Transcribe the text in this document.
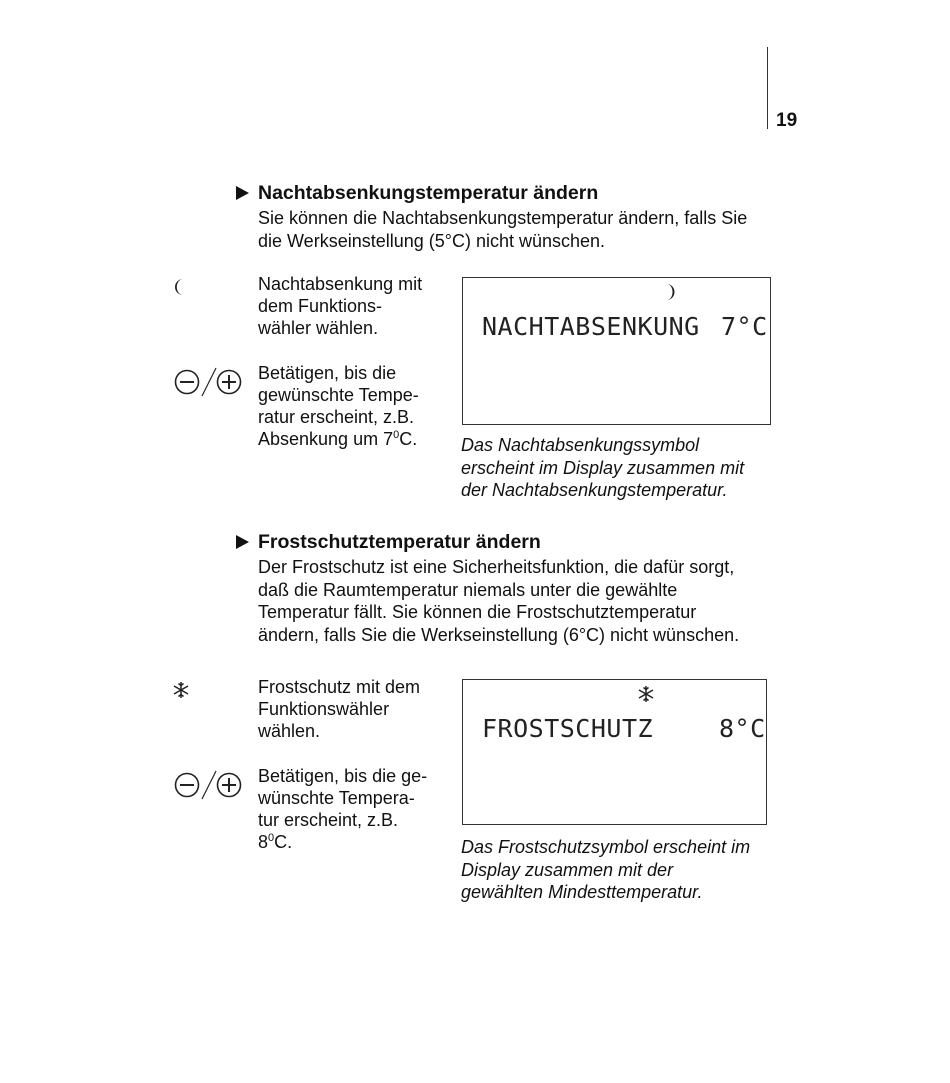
19
Nachtabsenkungstemperatur ändern
Sie können die Nachtabsenkungstemperatur ändern, falls Sie
die Werkseinstellung (5°C) nicht wünschen.
Nachtabsenkung mit
dem Funktions-
wähler wählen.
Betätigen, bis die
gewünschte Tempe-
ratur erscheint, z.B.
Absenkung um $7^0C$.
NACHTABSENKUNG 7°C
Das Nachtabsenkungssymbol
erscheint im Display zusammen mit
der Nachtabsenkungstemperatur.
Frostschutztemperatur ändern
Der Frostschutz ist eine Sicherheitsfunktion, die dafür sorgt,
daß die Raumtemperatur niemals unter die gewählte
Temperatur fällt. Sie können die Frostschutztemperatur
ändern, falls Sie die Werkseinstellung (6°C) nicht wünschen.
Frostschutz mit dem
Funktionswähler
wählen.
Betätigen, bis die ge-
wünschte Tempera-
tur erscheint, z.B.
$8^0C$.
FROSTSCHUTZ	8°C
Das Frostschutzsymbol erscheint im
Display zusammen mit der
gewählten Mindesttemperatur.
